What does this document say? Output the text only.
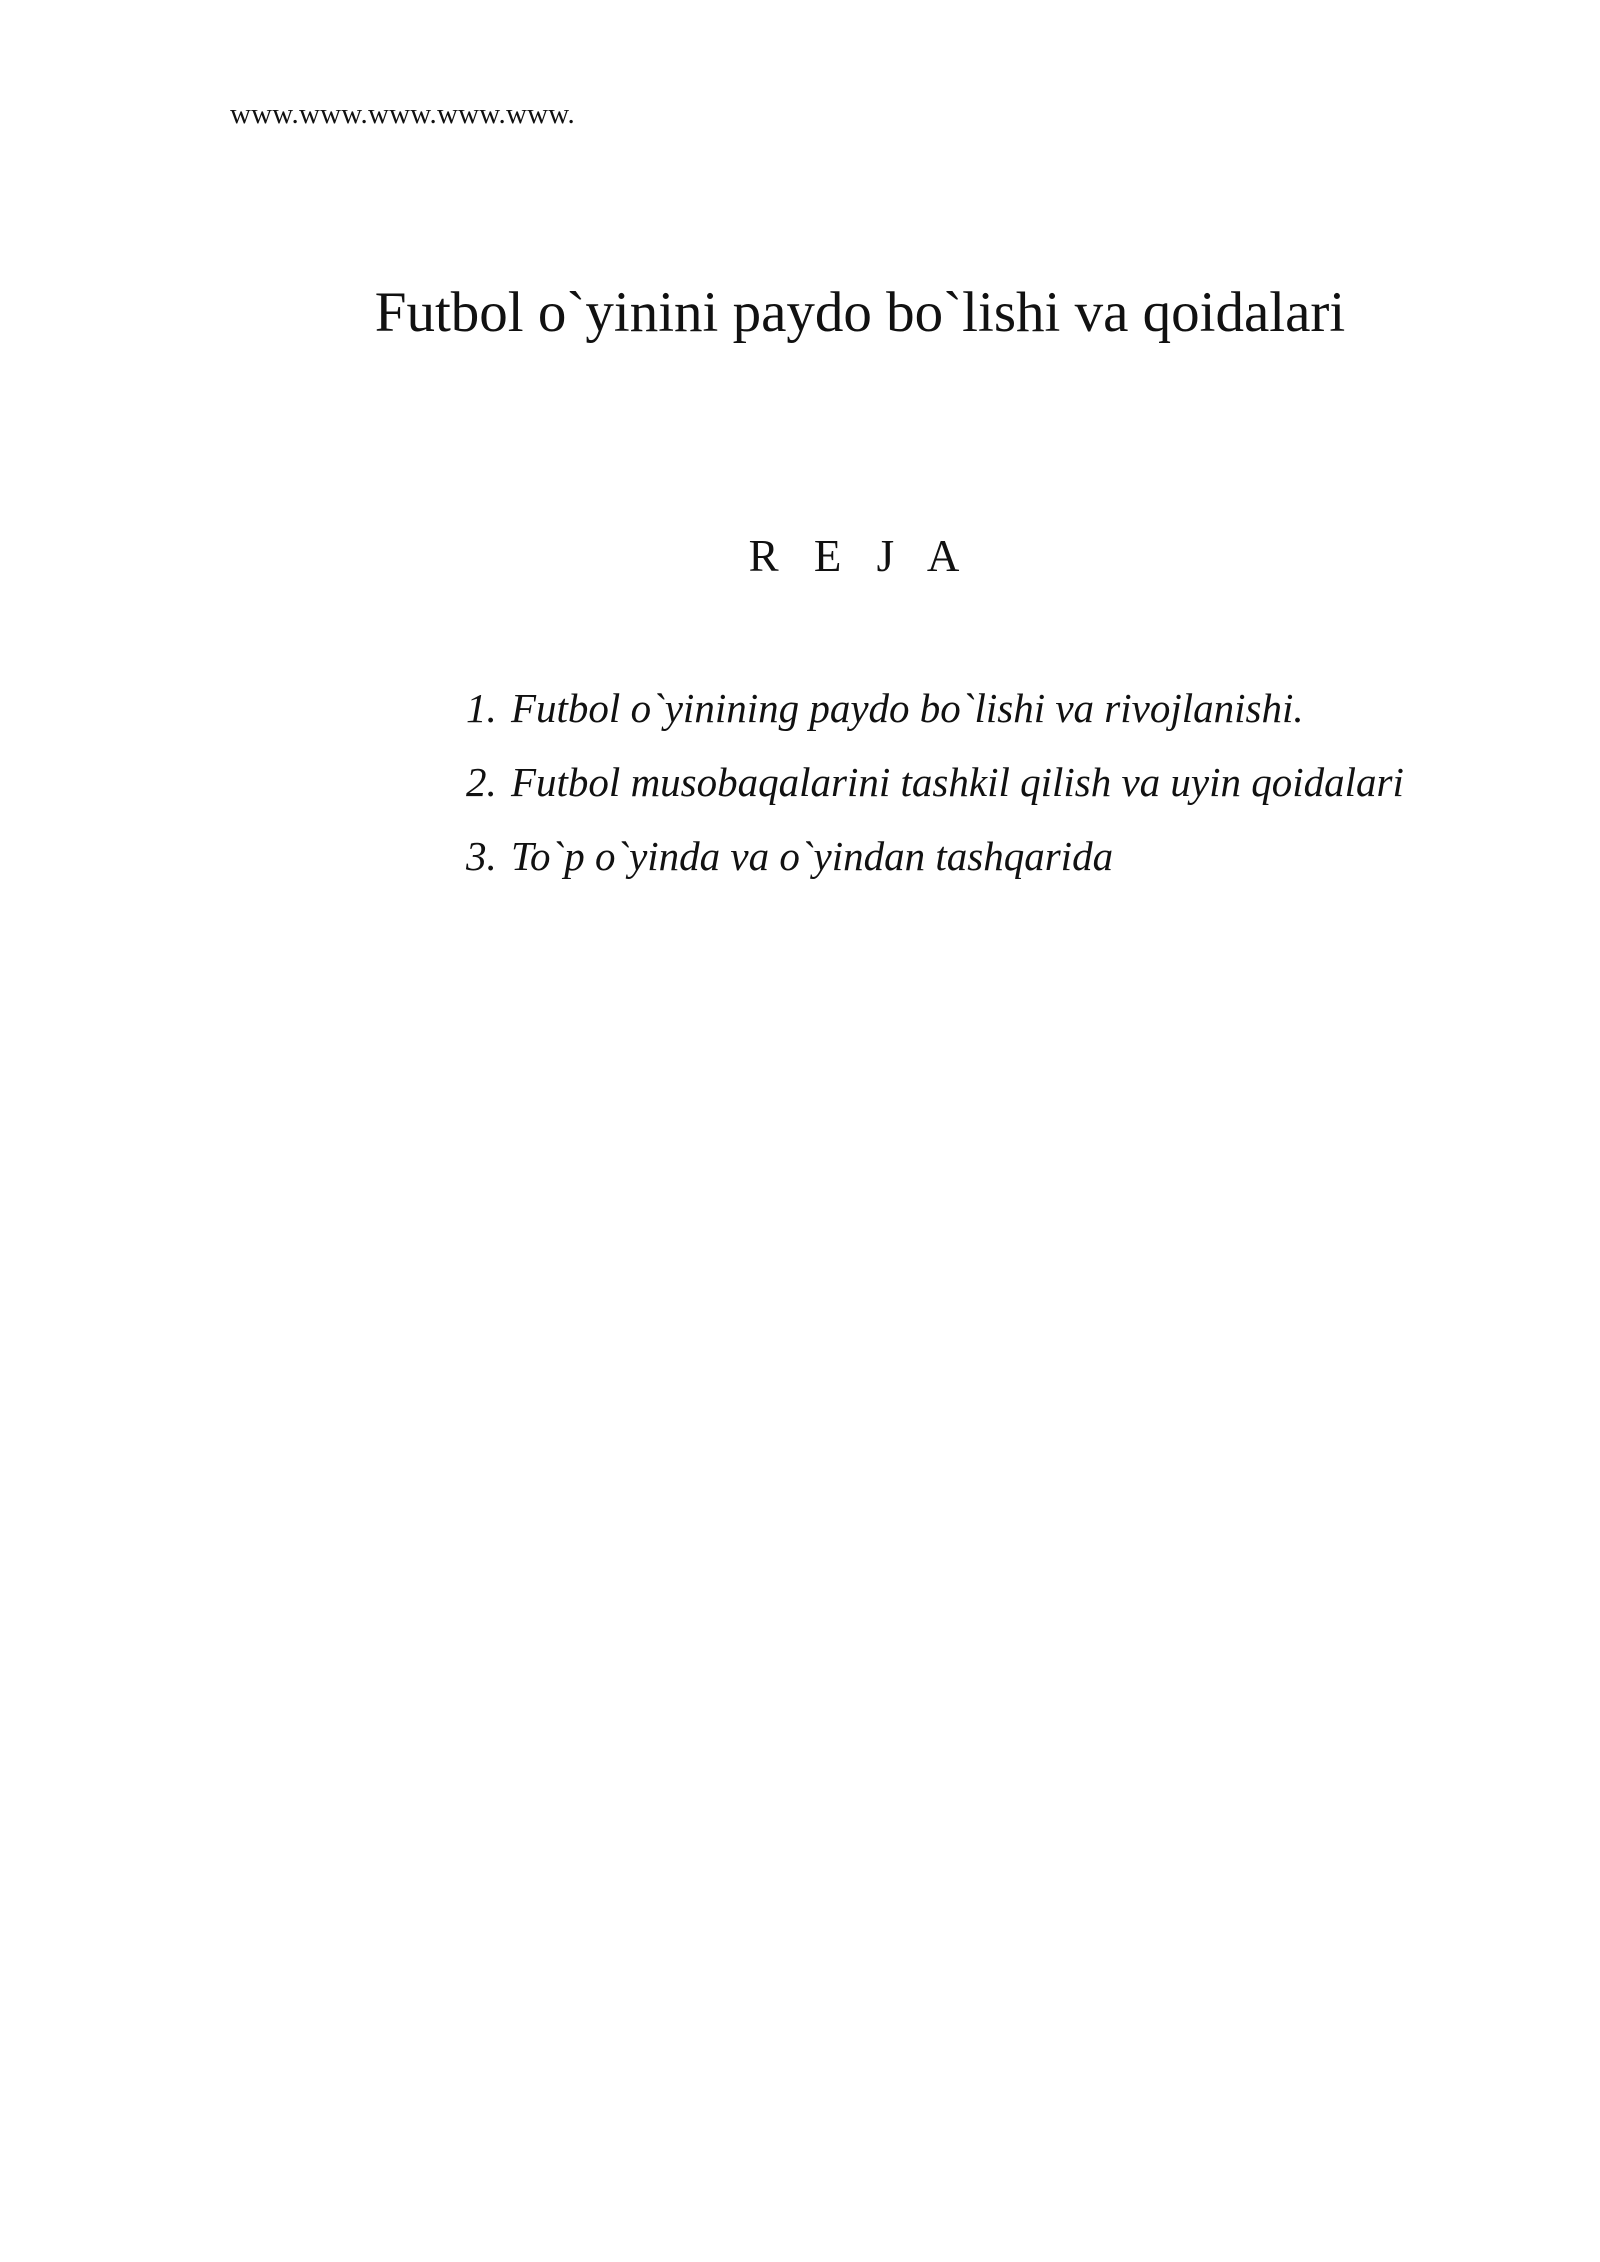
www.www.www.www.www.
Futbol o`yinini paydo bo`lishi va qoidalari
R E J A
1. Futbol o`yinining paydo bo`lishi va rivojlanishi.
2. Futbol musobaqalarini tashkil qilish va uyin qoidalari
3. To`p o`yinda va o`yindan tashqarida
